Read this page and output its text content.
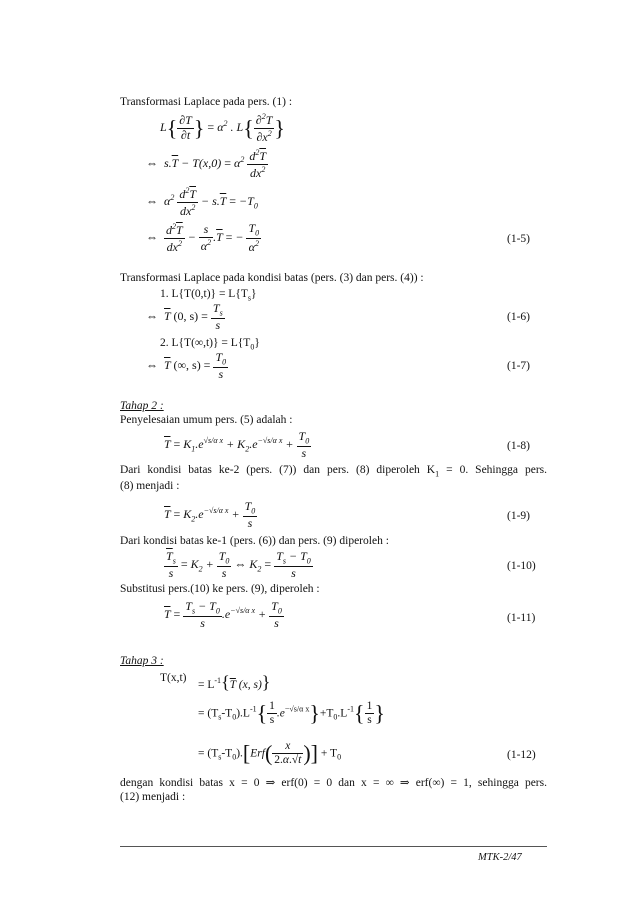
Transformasi Laplace pada pers. (1) :
$L\{ \frac{\partial T}{\partial t}$ } = $\alpha^2$ . $L\{ \frac{\partial^2T}{\partial x^2}$ }
⇔  $s.\overline{T} - T(x,0) = \alpha^2 \frac{d^2\overline{T}}{dx^2}$
⇔  $\alpha^2 \frac{d^2\overline{T}}{dx^2} - s.\overline{T} = -T_0$
⇔ $\frac{d^2\overline{T}}{dx^2} - \frac{s}{\alpha^2} .\overline{T}$ = − $\frac{T_0}{\alpha^2}$	(1-5)
Transformasi Laplace pada kondisi batas (pers. (3) dan pers. (4)) :
1. $L\{T(0,t)\} = L\{T_s\}$
⇔ $\overline{T}$ (0, $s) = \frac{T_s}{s}$	(1-6)
2. $L\{T(\infty,t)\} = L\{T_0\}$
⇔ $\overline{T}$ (∞, $s) = \frac{T_0}{s}$	(1-7)
Tahap 2 :
Penyelesaian umum pers. (5) adalah :
$\overline{T} = K_1.e^{√s/\alpha x} + K_2.e^{-√s/\alpha x} + \frac{T_0}{s}$	(1-8)
Dari kondisi batas ke-2 (pers. (7)) dan pers. (8) diperoleh $K_1 = 0$. Sehingga pers.
(8) menjadi :
$\overline{T} = K_2.e^{-√s/\alpha x} + \frac{T_0}{s}$	(1-9)
Dari kondisi batas ke-1 (pers. (6)) dan pers. (9) diperoleh :
$\frac{\overline{T}_s}{s} = K_2 + \frac{T_0}{s}$ ⇔ $K_2 = \frac{T_s - T_0}{s}$	(1-10)
Substitusi pers.(10) ke pers. (9), diperoleh :
$\overline{T} = \frac{T_s - T_0}{s} .e^{-√s/\alpha x} + \frac{T_0}{s}$	(1-11)
Tahap 3 :
T(x,t)
= $L^{-1}\{\overline{T}$ (x, s)}
= $(T_s-T_0).L^{-1}\{ \frac{1}{s} .e^{-√s/\alpha x}\}+T_0.L^{-1}\{ \frac{1}{s}$ }
= $(T_s-T_0).[Erf( \frac{x}{2.\alpha.√t}$ )] + $T_0$	(1-12)
dengan kondisi batas x = 0 ⇒ erf(0) = 0 dan x = ∞ ⇒ erf(∞) = 1, sehingga pers.
(12) menjadi :
MTK-2/47
